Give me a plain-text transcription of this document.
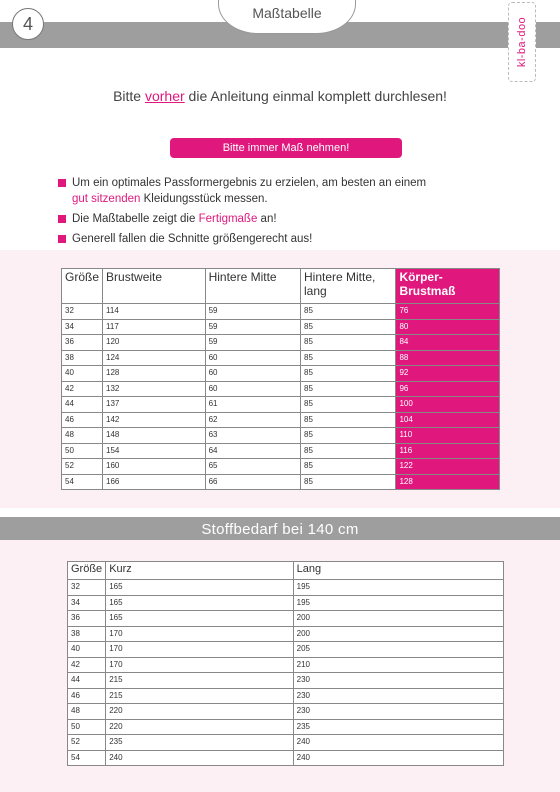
4
Maßtabelle
kl-ba-doo
Bitte vorher die Anleitung einmal komplett durchlesen!
Bitte immer Maß nehmen!
Um ein optimales Passformergebnis zu erzielen, am besten an einem
gut sitzenden Kleidungsstück messen.
Die Maßtabelle zeigt die Fertigmaße an!
Generell fallen die Schnitte größengerecht aus!
Größe	Brustweite	Hintere Mitte	Hintere Mitte, lang	Körper-Brustmaß
32	114	59	85	76
34	117	59	85	80
36	120	59	85	84
38	124	60	85	88
40	128	60	85	92
42	132	60	85	96
44	137	61	85	100
46	142	62	85	104
48	148	63	85	110
50	154	64	85	116
52	160	65	85	122
54	166	66	85	128
Stoffbedarf bei 140 cm
Größe	Kurz	Lang
32	165	195
34	165	195
36	165	200
38	170	200
40	170	205
42	170	210
44	215	230
46	215	230
48	220	230
50	220	235
52	235	240
54	240	240
